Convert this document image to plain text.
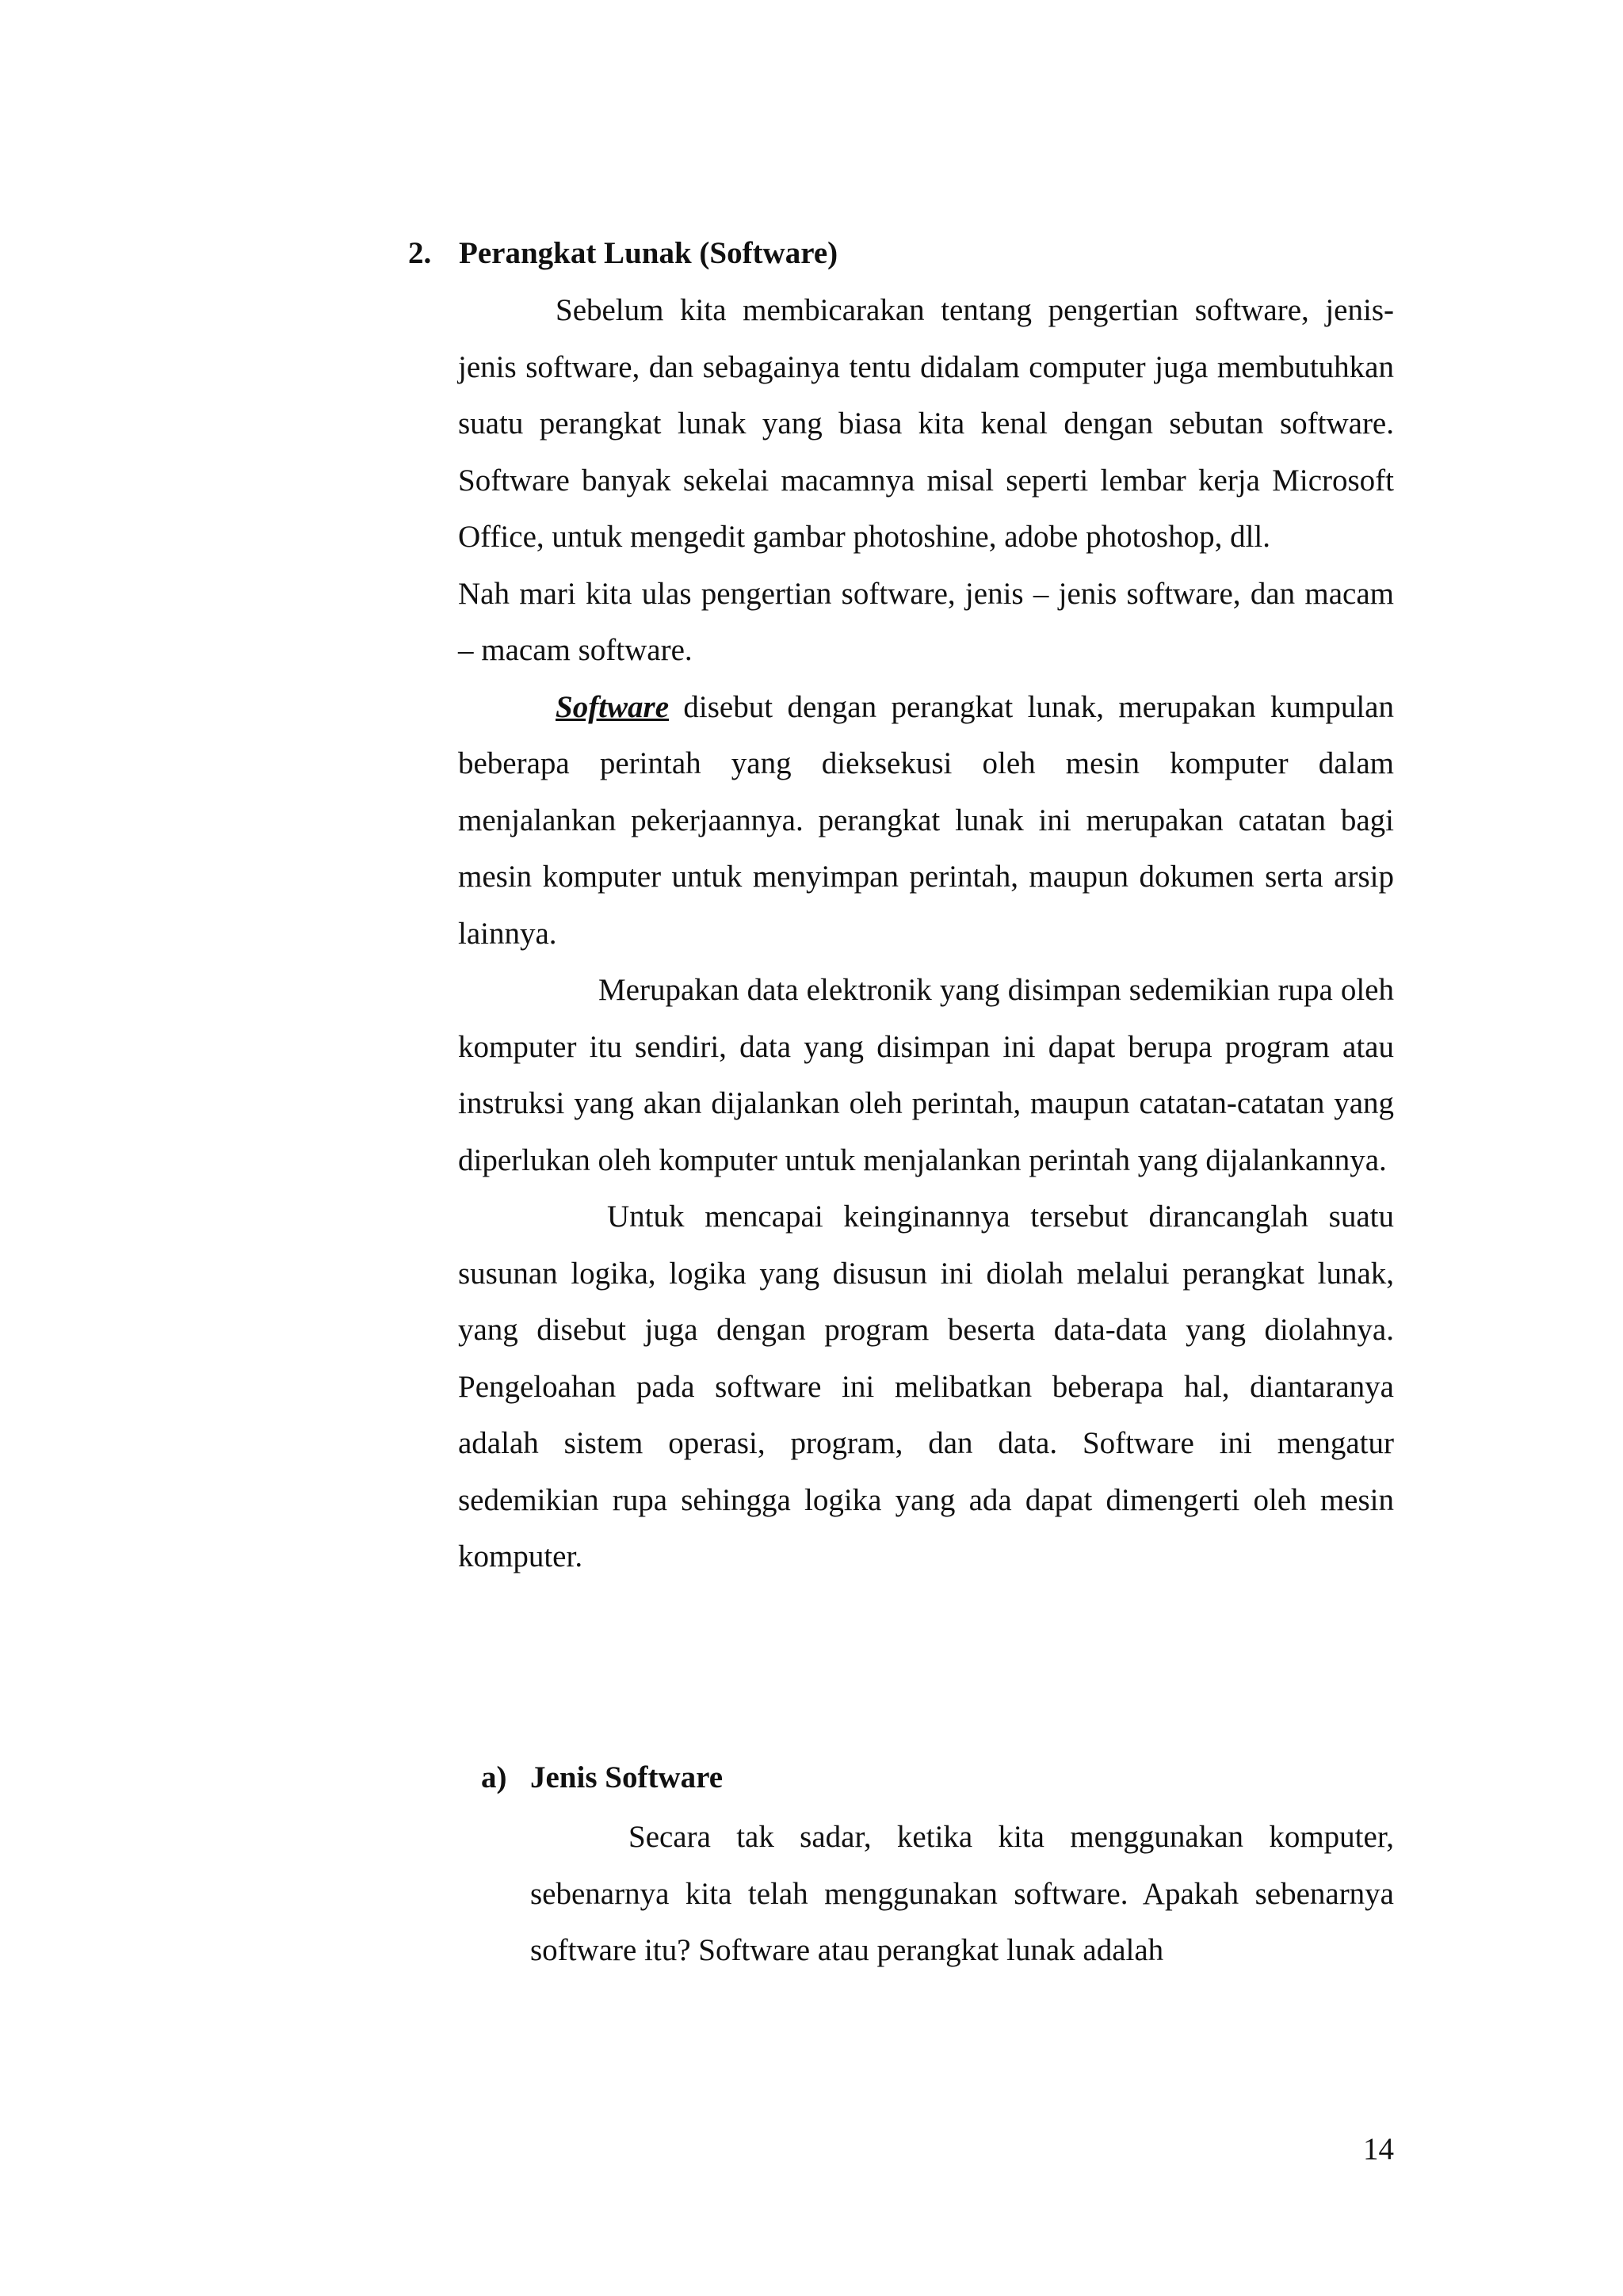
2. Perangkat Lunak (Software)

Sebelum kita membicarakan tentang pengertian software, jenis-jenis software, dan sebagainya tentu didalam computer juga membutuhkan suatu perangkat lunak yang biasa kita kenal dengan sebutan software. Software banyak sekelai macamnya misal seperti lembar kerja Microsoft Office, untuk mengedit gambar photoshine, adobe photoshop, dll.

Nah mari kita ulas pengertian software, jenis – jenis software, dan macam – macam software.

Software disebut dengan perangkat lunak, merupakan kumpulan beberapa perintah yang dieksekusi oleh mesin komputer dalam menjalankan pekerjaannya. perangkat lunak ini merupakan catatan bagi mesin komputer untuk menyimpan perintah, maupun dokumen serta arsip lainnya.

Merupakan data elektronik yang disimpan sedemikian rupa oleh komputer itu sendiri, data yang disimpan ini dapat berupa program atau instruksi yang akan dijalankan oleh perintah, maupun catatan-catatan yang diperlukan oleh komputer untuk menjalankan perintah yang dijalankannya.

Untuk mencapai keinginannya tersebut dirancanglah suatu susunan logika, logika yang disusun ini diolah melalui perangkat lunak, yang disebut juga dengan program beserta data-data yang diolahnya. Pengeloahan pada software ini melibatkan beberapa hal, diantaranya adalah sistem operasi, program, dan data. Software ini mengatur sedemikian rupa sehingga logika yang ada dapat dimengerti oleh mesin komputer.

a) Jenis Software

Secara tak sadar, ketika kita menggunakan komputer, sebenarnya kita telah menggunakan software. Apakah sebenarnya software itu? Software atau perangkat lunak adalah

14
